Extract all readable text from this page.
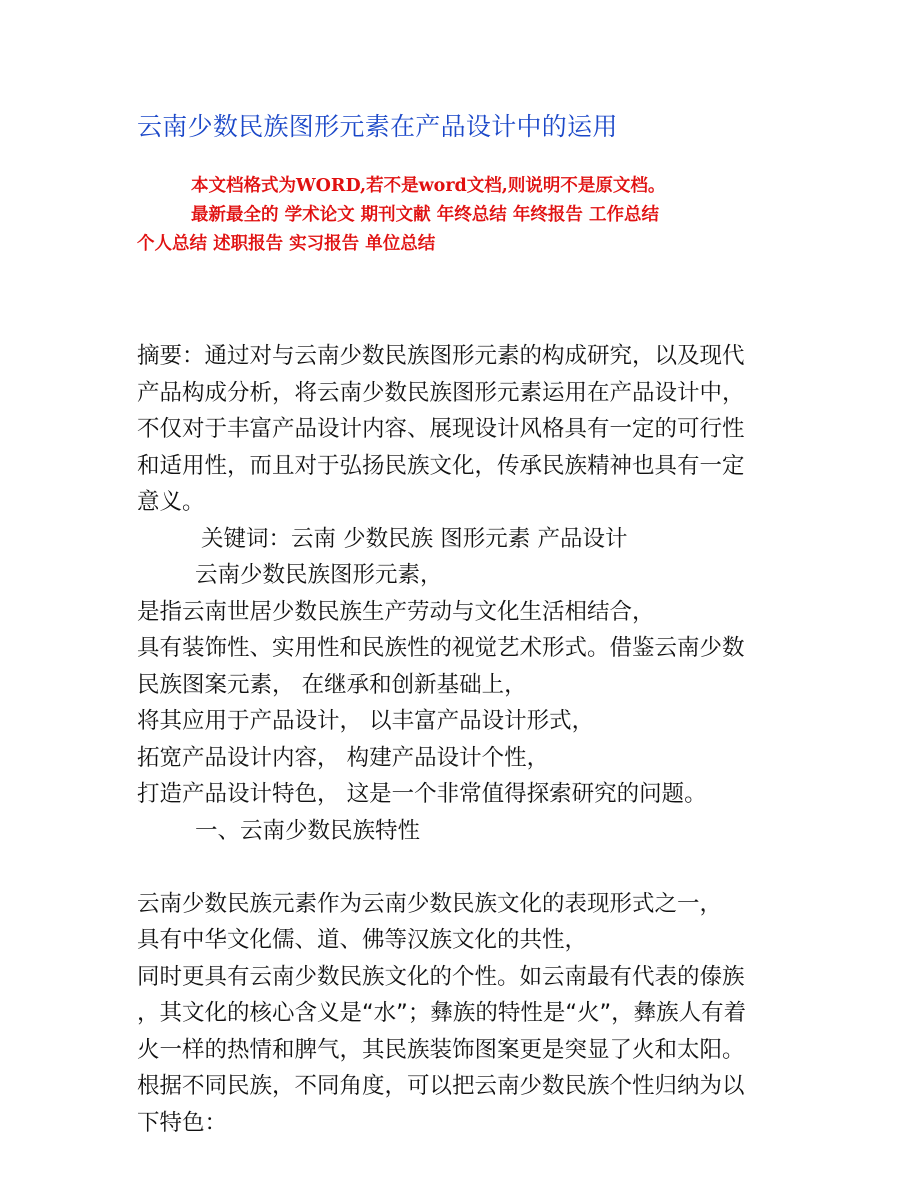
云南少数民族图形元素在产品设计中的运用
本文档格式为WORD,若不是word文档,则说明不是原文档。
最新最全的 学术论文 期刊文献 年终总结 年终报告 工作总结
个人总结 述职报告 实习报告 单位总结
摘要：通过对与云南少数民族图形元素的构成研究，以及现代
产品构成分析，将云南少数民族图形元素运用在产品设计中，
不仅对于丰富产品设计内容、展现设计风格具有一定的可行性
和适用性，而且对于弘扬民族文化，传承民族精神也具有一定
意义。
关键词：云南 少数民族 图形元素 产品设计
云南少数民族图形元素，
是指云南世居少数民族生产劳动与文化生活相结合，
具有装饰性、实用性和民族性的视觉艺术形式。借鉴云南少数
民族图案元素， 在继承和创新基础上，
将其应用于产品设计， 以丰富产品设计形式，
拓宽产品设计内容， 构建产品设计个性，
打造产品设计特色， 这是一个非常值得探索研究的问题。
一、云南少数民族特性
云南少数民族元素作为云南少数民族文化的表现形式之一，
具有中华文化儒、道、佛等汉族文化的共性，
同时更具有云南少数民族文化的个性。如云南最有代表的傣族
，其文化的核心含义是“水”；彝族的特性是“火”，彝族人有着
火一样的热情和脾气，其民族装饰图案更是突显了火和太阳。
根据不同民族，不同角度，可以把云南少数民族个性归纳为以
下特色：
